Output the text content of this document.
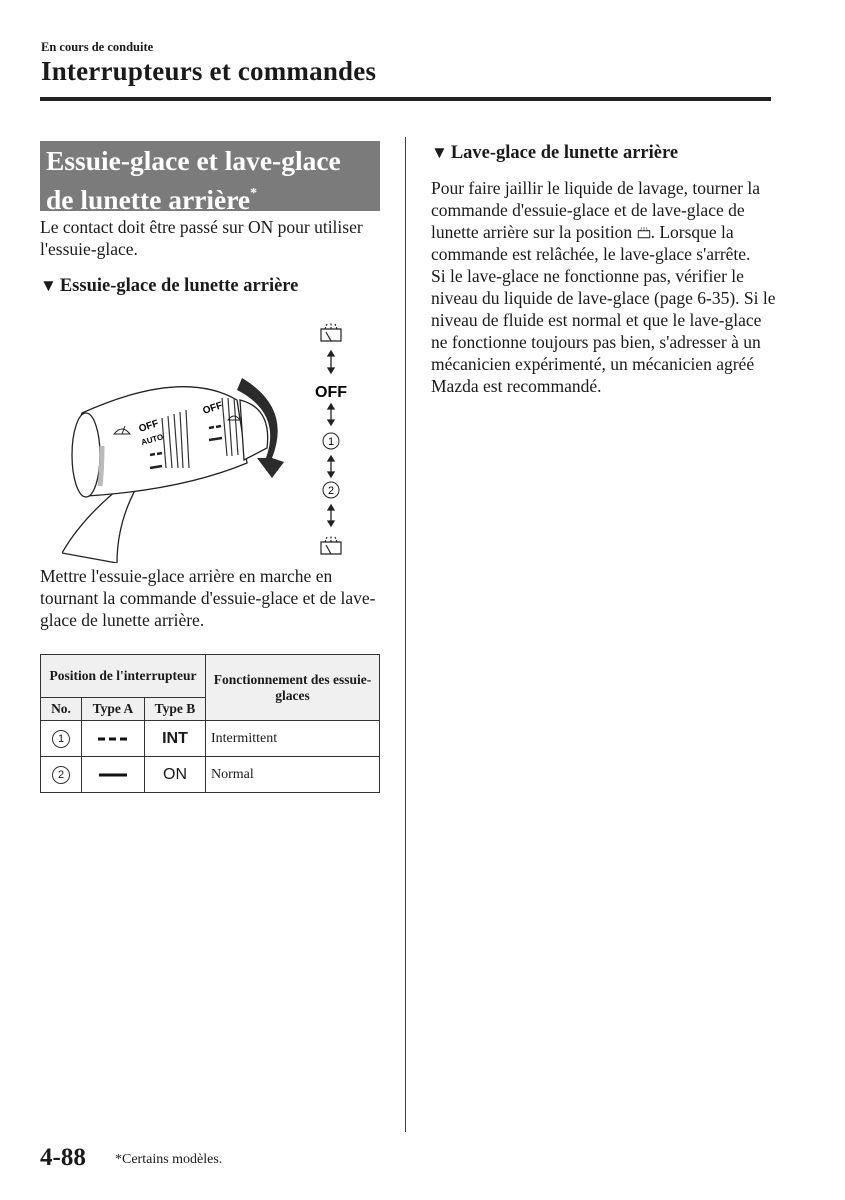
En cours de conduite
Interrupteurs et commandes
Essuie-glace et lave-glace
de lunette arrière*
Le contact doit être passé sur ON pour utiliser l'essuie-glace.
▼ Essuie-glace de lunette arrière
OFF
AUTO
OFF
OFF
1
2
Mettre l'essuie-glace arrière en marche en tournant la commande d'essuie-glace et de lave-glace de lunette arrière.
Position de l'interrupteur			Fonctionnement des essuie-glaces
No.	Type A	Type B	
1		INT	Intermittent
2		ON	Normal
▼ Lave-glace de lunette arrière
Pour faire jaillir le liquide de lavage, tourner la commande d'essuie-glace et de lave-glace de lunette arrière sur la position . Lorsque la commande est relâchée, le lave-glace s'arrête.
Si le lave-glace ne fonctionne pas, vérifier le niveau du liquide de lave-glace (page 6-35). Si le niveau de fluide est normal et que le lave-glace ne fonctionne toujours pas bien, s'adresser à un mécanicien expérimenté, un mécanicien agréé Mazda est recommandé.
4-88 *Certains modèles.
